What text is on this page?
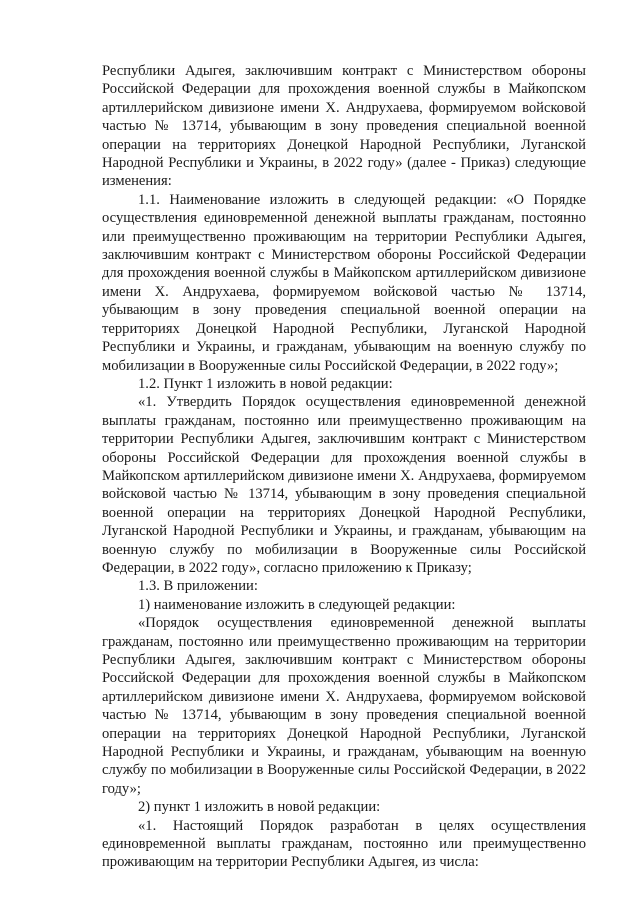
Республики Адыгея, заключившим контракт с Министерством обороны Российской Федерации для прохождения военной службы в Майкопском артиллерийском дивизионе имени Х. Андрухаева, формируемом войсковой частью № 13714, убывающим в зону проведения специальной военной операции на территориях Донецкой Народной Республики, Луганской Народной Республики и Украины, в 2022 году» (далее - Приказ) следующие изменения:

1.1. Наименование изложить в следующей редакции: «О Порядке осуществления единовременной денежной выплаты гражданам, постоянно или преимущественно проживающим на территории Республики Адыгея, заключившим контракт с Министерством обороны Российской Федерации для прохождения военной службы в Майкопском артиллерийском дивизионе имени Х. Андрухаева, формируемом войсковой частью № 13714, убывающим в зону проведения специальной военной операции на территориях Донецкой Народной Республики, Луганской Народной Республики и Украины, и гражданам, убывающим на военную службу по мобилизации в Вооруженные силы Российской Федерации, в 2022 году»;

1.2. Пункт 1 изложить в новой редакции:

«1. Утвердить Порядок осуществления единовременной денежной выплаты гражданам, постоянно или преимущественно проживающим на территории Республики Адыгея, заключившим контракт с Министерством обороны Российской Федерации для прохождения военной службы в Майкопском артиллерийском дивизионе имени Х. Андрухаева, формируемом войсковой частью № 13714, убывающим в зону проведения специальной военной операции на территориях Донецкой Народной Республики, Луганской Народной Республики и Украины, и гражданам, убывающим на военную службу по мобилизации в Вооруженные силы Российской Федерации, в 2022 году», согласно приложению к Приказу;

1.3. В приложении:

1) наименование изложить в следующей редакции:

«Порядок осуществления единовременной денежной выплаты гражданам, постоянно или преимущественно проживающим на территории Республики Адыгея, заключившим контракт с Министерством обороны Российской Федерации для прохождения военной службы в Майкопском артиллерийском дивизионе имени Х. Андрухаева, формируемом войсковой частью № 13714, убывающим в зону проведения специальной военной операции на территориях Донецкой Народной Республики, Луганской Народной Республики и Украины, и гражданам, убывающим на военную службу по мобилизации в Вооруженные силы Российской Федерации, в 2022 году»;

2) пункт 1 изложить в новой редакции:

«1. Настоящий Порядок разработан в целях осуществления единовременной выплаты гражданам, постоянно или преимущественно проживающим на территории Республики Адыгея, из числа:
